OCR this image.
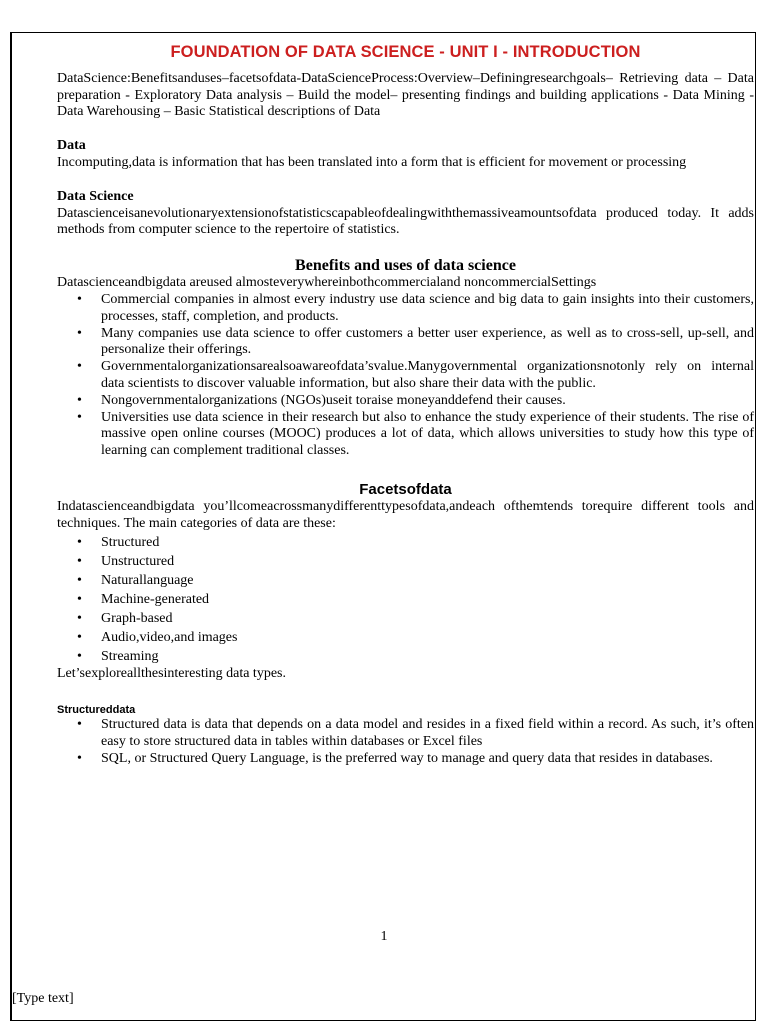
FOUNDATION OF DATA SCIENCE - UNIT I - INTRODUCTION

DataScience:Benefitsanduses–facetsofdata-DataScienceProcess:Overview–Definingresearchgoals– Retrieving data – Data preparation - Exploratory Data analysis – Build the model– presenting findings and building applications - Data Mining - Data Warehousing – Basic Statistical descriptions of Data

Data

Incomputing,data is information that has been translated into a form that is efficient for movement or processing

Data Science

Datascienceisanevolutionaryextensionofstatisticscapableofdealingwiththemassiveamountsofdata produced today. It adds methods from computer science to the repertoire of statistics.

Benefits and uses of data science

Datascienceandbigdata areused almosteverywhereinbothcommercialand noncommercialSettings

• Commercial companies in almost every industry use data science and big data to gain insights into their customers, processes, staff, completion, and products.
• Many companies use data science to offer customers a better user experience, as well as to cross-sell, up-sell, and personalize their offerings.
• Governmentalorganizationsarealsoawareofdata’svalue.Manygovernmental organizationsnotonly rely on internal data scientists to discover valuable information, but also share their data with the public.
• Nongovernmentalorganizations (NGOs)useit toraise moneyanddefend their causes.
• Universities use data science in their research but also to enhance the study experience of their students. The rise of massive open online courses (MOOC) produces a lot of data, which allows universities to study how this type of learning can complement traditional classes.
Facetsofdata

Indatascienceandbigdata you’llcomeacrossmanydifferenttypesofdata,andeach ofthemtends torequire different tools and techniques. The main categories of data are these:

• Structured
• Unstructured
• Naturallanguage
• Machine-generated
• Graph-based
• Audio,video,and images
• Streaming

Let’sexploreallthesinteresting data types.

Structureddata
• Structured data is data that depends on a data model and resides in a fixed field within a record. As such, it’s often easy to store structured data in tables within databases or Excel files
• SQL, or Structured Query Language, is the preferred way to manage and query data that resides in databases.
1
[Type text]
